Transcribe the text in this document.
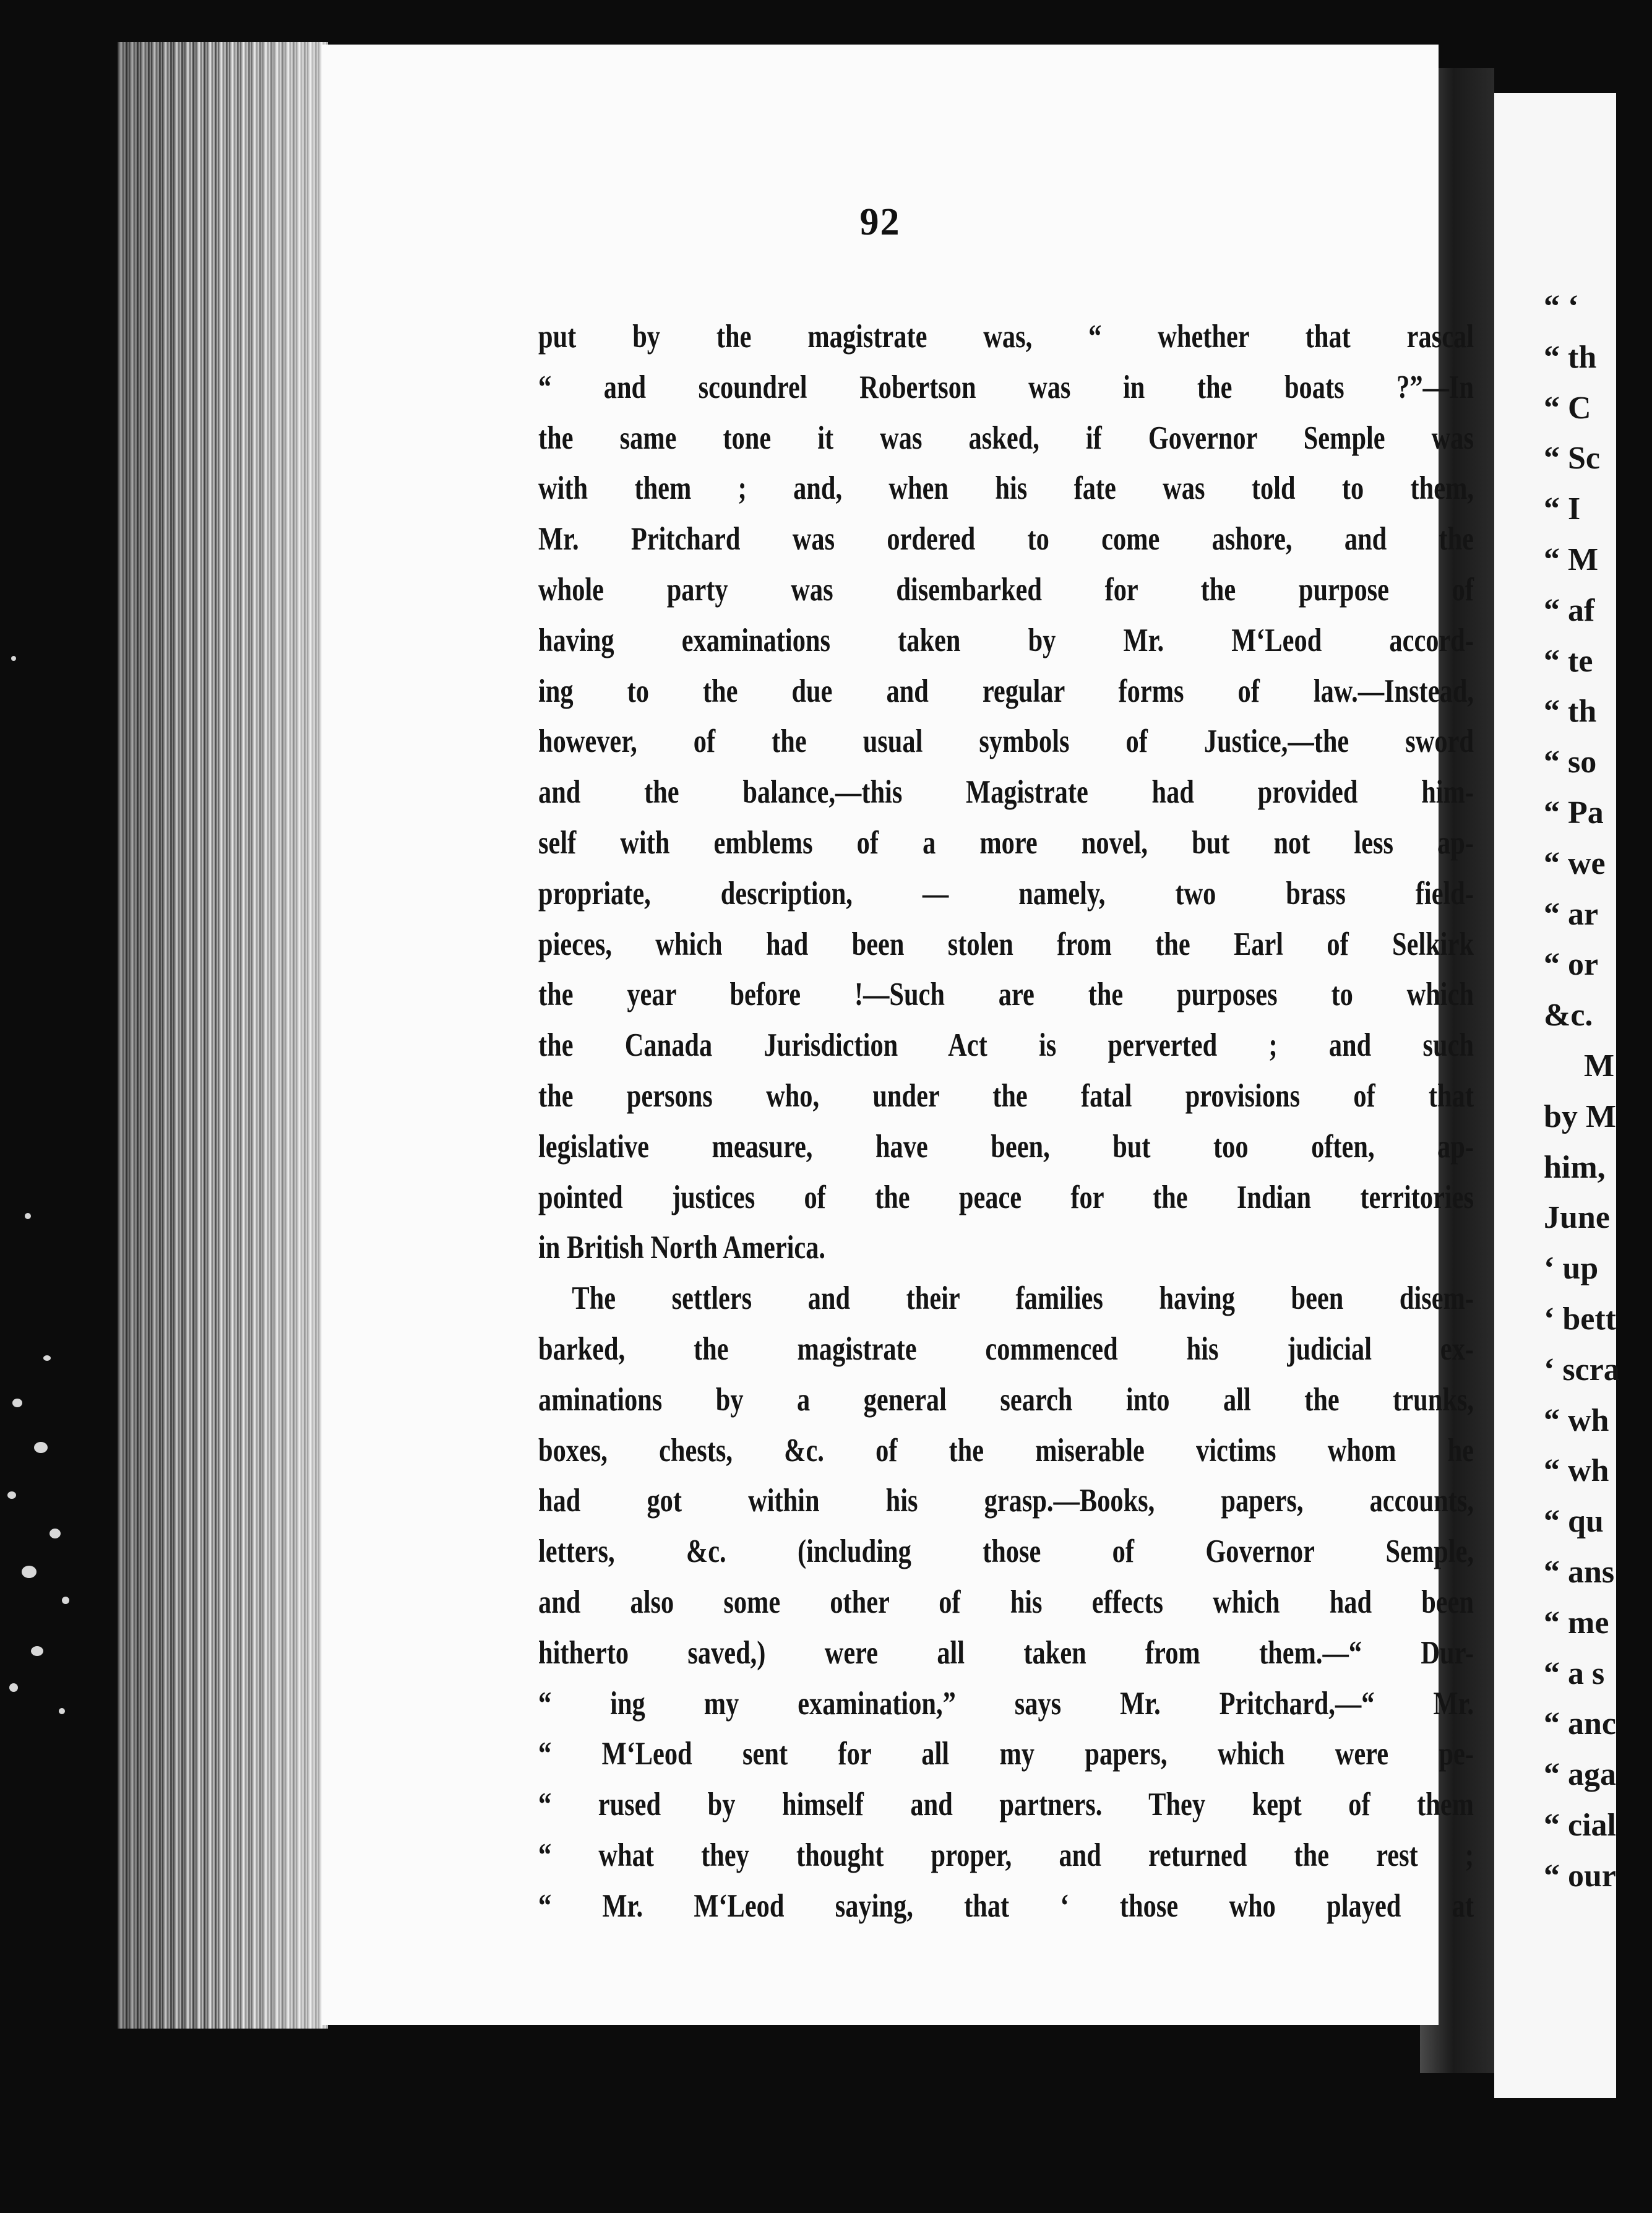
“ ‘
“ th
“ C
“ Sc
“ I
“ M
“ af
“ te
“ th
“ so
“ Pa
“ we
“ ar
“ or
&c.
M
by M
him,
June
‘ up
‘ bett
‘ scra
“ wh
“ wh
“ qu
“ ans
“ me
“ a s
“ anc
“ aga
“ cial
“ our
92
put by the magistrate was, “ whether that rascal
“ and scoundrel Robertson was in the boats ?”—In
the same tone it was asked, if Governor Semple was
with them ; and, when his fate was told to them,
Mr. Pritchard was ordered to come ashore, and the
whole party was disembarked for the purpose of
having examinations taken by Mr. M‘Leod accord-
ing to the due and regular forms of law.—Instead,
however, of the usual symbols of Justice,—the sword
and the balance,—this Magistrate had provided him-
self with emblems of a more novel, but not less ap-
propriate, description, — namely, two brass field-
pieces, which had been stolen from the Earl of Selkirk
the year before !—Such are the purposes to which
the Canada Jurisdiction Act is perverted ; and such
the persons who, under the fatal provisions of that
legislative measure, have been, but too often, ap-
pointed justices of the peace for the Indian territories
in British North America.
The settlers and their families having been disem-
barked, the magistrate commenced his judicial ex-
aminations by a general search into all the trunks,
boxes, chests, &c. of the miserable victims whom he
had got within his grasp.—Books, papers, accounts,
letters, &c. (including those of Governor Semple,
and also some other of his effects which had been
hitherto saved,) were all taken from them.—“ Dur-
“ ing my examination,” says Mr. Pritchard,—“ Mr.
“ M‘Leod sent for all my papers, which were pe-
“ rused by himself and partners. They kept of them
“ what they thought proper, and returned the rest ;
“ Mr. M‘Leod saying, that ‘ those who played at
